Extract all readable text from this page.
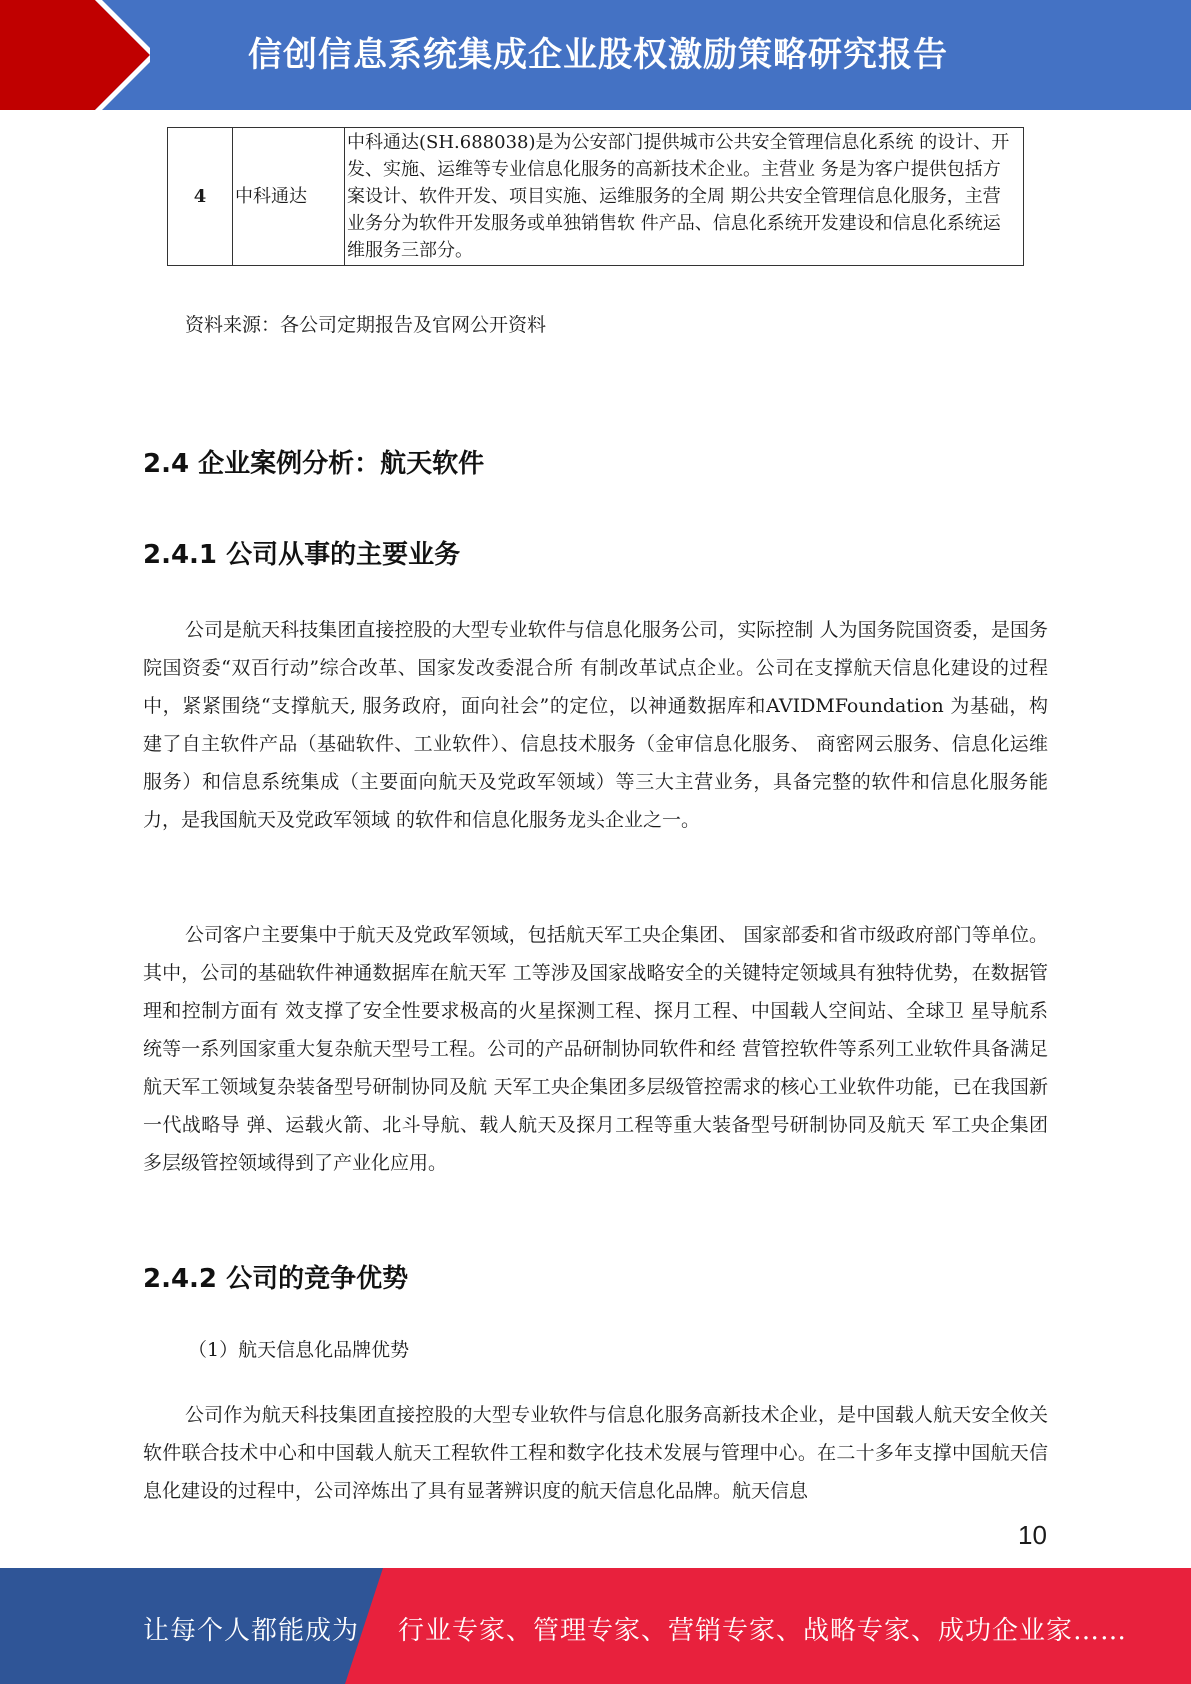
信创信息系统集成企业股权激励策略研究报告
4	中科通达	中科通达(SH.688038)是为公安部门提供城市公共安全管理信息化系统 的设计、开发、实施、运维等专业信息化服务的高新技术企业。主营业 务是为客户提供包括方案设计、软件开发、项目实施、运维服务的全周 期公共安全管理信息化服务，主营业务分为软件开发服务或单独销售软 件产品、信息化系统开发建设和信息化系统运维服务三部分。
资料来源：各公司定期报告及官网公开资料
2.4 企业案例分析：航天软件
2.4.1 公司从事的主要业务

公司是航天科技集团直接控股的大型专业软件与信息化服务公司，实际控制 人为国务院国资委，是国务院国资委“双百行动”综合改革、国家发改委混合所 有制改革试点企业。公司在支撑航天信息化建设的过程中，紧紧围绕“支撑航天, 服务政府，面向社会”的定位，以神通数据库和AVIDMFoundation 为基础，构 建了自主软件产品（基础软件、工业软件）、信息技术服务（金审信息化服务、 商密网云服务、信息化运维服务）和信息系统集成（主要面向航天及党政军领域）等三大主营业务，具备完整的软件和信息化服务能力，是我国航天及党政军领域 的软件和信息化服务龙头企业之一。

公司客户主要集中于航天及党政军领域，包括航天军工央企集团、 国家部委和省市级政府部门等单位。其中，公司的基础软件神通数据库在航天军 工等涉及国家战略安全的关键特定领域具有独特优势，在数据管理和控制方面有 效支撑了安全性要求极高的火星探测工程、探月工程、中国载人空间站、全球卫 星导航系统等一系列国家重大复杂航天型号工程。公司的产品研制协同软件和经 营管控软件等系列工业软件具备满足航天军工领域复杂装备型号研制协同及航 天军工央企集团多层级管控需求的核心工业软件功能，已在我国新一代战略导 弹、运载火箭、北斗导航、载人航天及探月工程等重大装备型号研制协同及航天 军工央企集团多层级管控领域得到了产业化应用。

2.4.2 公司的竞争优势
（1）航天信息化品牌优势

公司作为航天科技集团直接控股的大型专业软件与信息化服务高新技术企业，是中国载人航天安全攸关软件联合技术中心和中国载人航天工程软件工程和数字化技术发展与管理中心。在二十多年支撑中国航天信息化建设的过程中，公司淬炼出了具有显著辨识度的航天信息化品牌。航天信息

10
让每个人都能成为 行业专家、管理专家、营销专家、战略专家、成功企业家……
